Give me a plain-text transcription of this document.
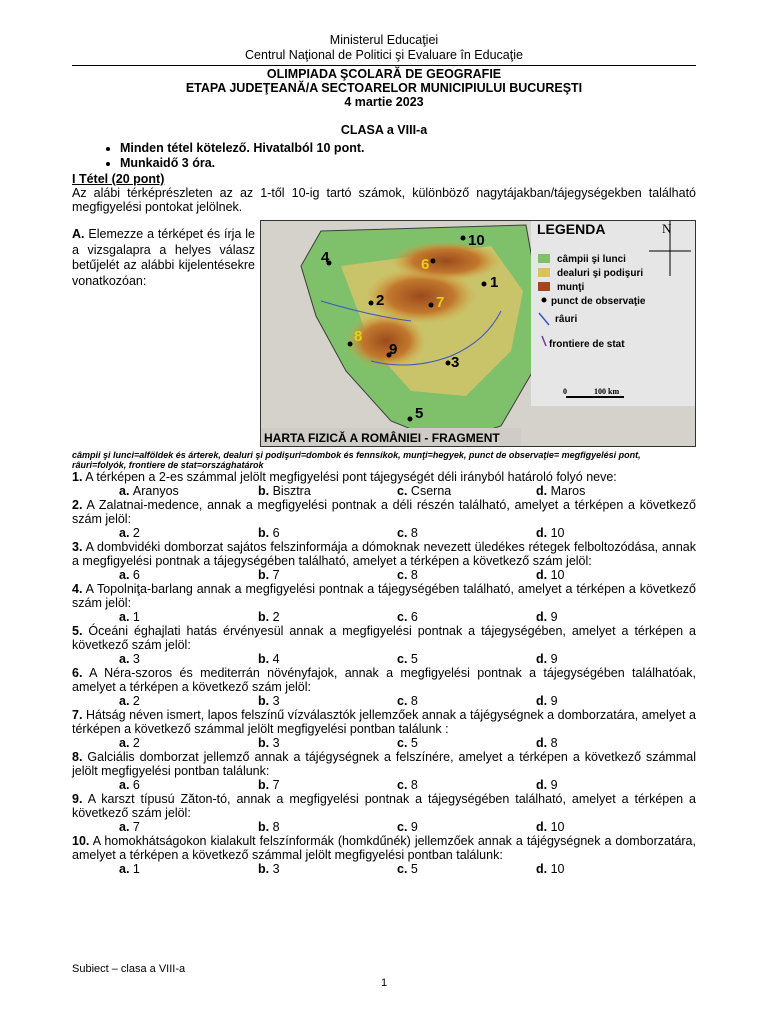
Ministerul Educaţiei
Centrul Naţional de Politici şi Evaluare în Educaţie
OLIMPIADA ŞCOLARĂ DE GEOGRAFIE
ETAPA JUDEŢEANĂ/A SECTOARELOR MUNICIPIULUI BUCUREŞTI
4 martie 2023
CLASA a VIII-a
• Minden tétel kötelező. Hivatalból 10 pont.
• Munkaidő 3 óra.
I Tétel (20 pont)
Az alábi térképrészleten az az 1-től 10-ig tartó számok, különböző nagytájakban/tájegységekben található megfigyelési pontokat jelölnek.
A. Elemezze a térképet és írja le a vizsgalapra a helyes válasz betűjelét az alábbi kijelentésekre vonatkozóan:
LEGENDA
câmpii şi lunci
dealuri şi podişuri
munţi
punct de observaţie
râuri
frontiere de stat
N
0	100 km
HARTA FIZICĂ A ROMÂNIEI - FRAGMENT
10
6
4
1
2	7
8
9
3
5
câmpii şi lunci=alföldek és árterek, dealuri şi podişuri=dombok és fennsíkok, munţi=hegyek, punct de observaţie= megfigyelési pont, râuri=folyók, frontiere de stat=országhatárok
1. A térképen a 2-es számmal jelölt megfigyelési pont tájegységét déli irányból határoló folyó neve:
a. Aranyos	b. Bisztra	c. Cserna	d. Maros
2. A Zalatnai-medence, annak a megfigyelési pontnak a déli részén található, amelyet a térképen a következő szám jelöl:
a. 2	b. 6	c. 8	d. 10
3. A dombvidéki domborzat sajátos felszinformája a dómoknak nevezett üledékes rétegek felboltozódása, annak a megfigyelési pontnak a tájegységében található, amelyet a térképen a következő szám jelöl:
a. 6	b. 7	c. 8	d. 10
4. A Topolniţa-barlang annak a megfigyelési pontnak a tájegységében található, amelyet a térképen a következő szám jelöl:
a. 1	b. 2	c. 6	d. 9
5. Óceáni éghajlati hatás érvényesül annak a megfigyelési pontnak a tájegységében, amelyet a térképen a következő szám jelöl:
a. 3	b. 4	c. 5	d. 9
6. A Néra-szoros és mediterrán növényfajok, annak a megfigyelési pontnak a tájegységében találhatóak, amelyet a térképen a következő szám jelöl:
a. 2	b. 3	c. 8	d. 9
7. Hátság néven ismert, lapos felszínű vízválasztók jellemzőek annak a tájégységnek a domborzatára, amelyet a térképen a következő számmal jelölt megfigyelési pontban találunk :
a. 2	b. 3	c. 5	d. 8
8. Galciális domborzat jellemző annak a tájégységnek a felszínére, amelyet a térképen a következő számmal jelölt megfigyelési pontban találunk:
a. 6	b. 7	c. 8	d. 9
9. A karszt típusú Zăton-tó, annak a megfigyelési pontnak a tájegységében található, amelyet a térképen a következő szám jelöl:
a. 7	b. 8	c. 9	d. 10
10. A homokhátságokon kialakult felszínformák (homkdűnék) jellemzőek annak a tájégységnek a domborzatára, amelyet a térképen a következő számmal jelölt megfigyelési pontban találunk:
a. 1	b. 3	c. 5	d. 10
Subiect – clasa a VIII-a
1
